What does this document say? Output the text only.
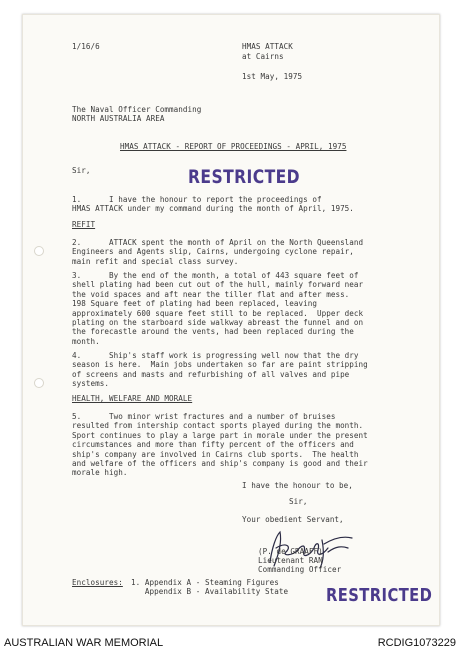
1/16/6	HMAS ATTACK
at Cairns
1st May, 1975
The Naval Officer Commanding
NORTH AUSTRALIA AREA
HMAS ATTACK - REPORT OF PROCEEDINGS - APRIL, 1975
Sir,	RESTRICTED
1.      I have the honour to report the proceedings of
HMAS ATTACK under my command during the month of April, 1975.
REFIT
2.      ATTACK spent the month of April on the North Queensland
Engineers and Agents slip, Cairns, undergoing cyclone repair,
main refit and special class survey.
3.      By the end of the month, a total of 443 square feet of
shell plating had been cut out of the hull, mainly forward near
the void spaces and aft near the tiller flat and after mess.
198 Square feet of plating had been replaced, leaving
approximately 600 square feet still to be replaced.  Upper deck
plating on the starboard side walkway abreast the funnel and on
the forecastle around the vents, had been replaced during the
month.
4.      Ship's staff work is progressing well now that the dry
season is here.  Main jobs undertaken so far are paint stripping
of screens and masts and refurbishing of all valves and pipe
systems.
HEALTH, WELFARE AND MORALE
5.      Two minor wrist fractures and a number of bruises
resulted from intership contact sports played during the month.
Sport continues to play a large part in morale under the present
circumstances and more than fifty percent of the officers and
ship's company are involved in Cairns club sports.  The health
and welfare of the officers and ship's company is good and their
morale high.
I have the honour to be,
Sir,
Your obedient Servant,
(P. de GRAAFF)
Lieutenant RAN
Commanding Officer
Enclosures: 1. Appendix A - Steaming Figures
Appendix B - Availability State RESTRICTED
AUSTRALIAN WAR MEMORIAL	RCDIG1073229
